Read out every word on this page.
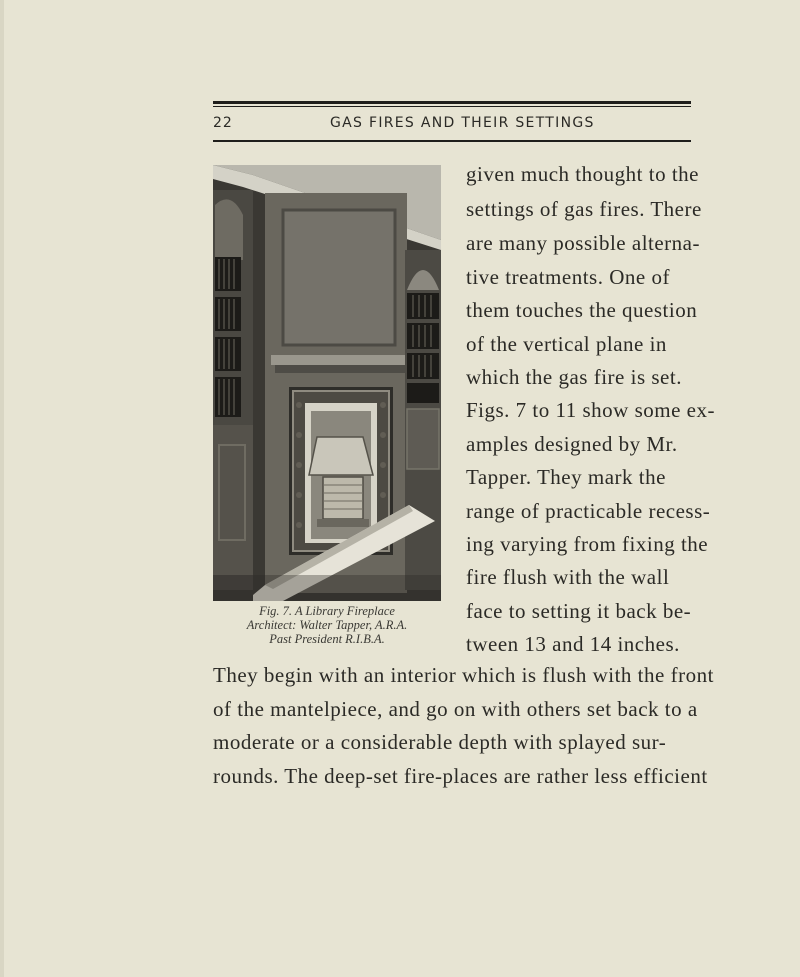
22	GAS FIRES AND THEIR SETTINGS
Fig. 7. A Library Fireplace
Architect: Walter Tapper, A.R.A.
Past President R.I.B.A.
given much thought to the
settings of gas fires. There
are many possible alterna-
tive treatments. One of
them touches the question
of the vertical plane in
which the gas fire is set.
Figs. 7 to 11 show some ex-
amples designed by Mr.
Tapper. They mark the
range of practicable recess-
ing varying from fixing the
fire flush with the wall
face to setting it back be-
tween 13 and 14 inches.
They begin with an interior which is flush with the front
of the mantelpiece, and go on with others set back to a
moderate or a considerable depth with splayed sur-
rounds. The deep-set fire-places are rather less efficient
